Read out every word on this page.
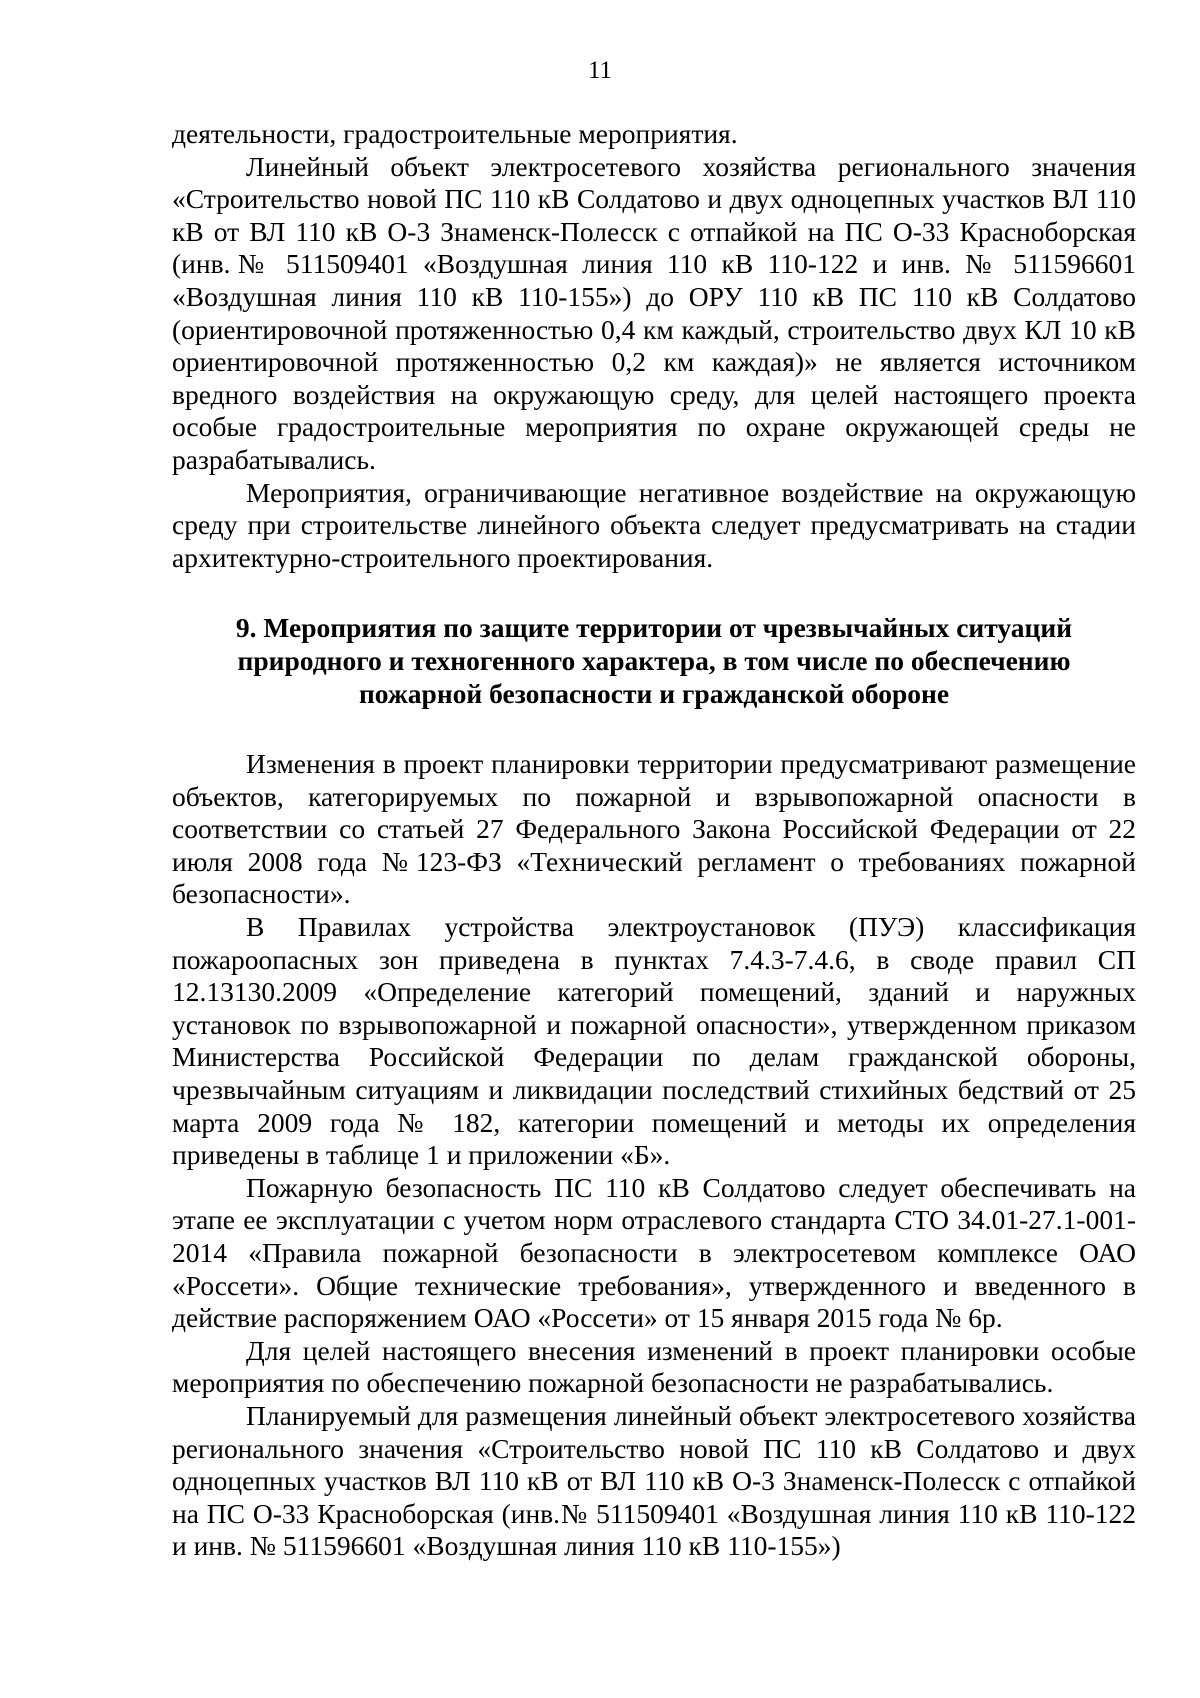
11

деятельности, градостроительные мероприятия.

Линейный объект электросетевого хозяйства регионального значения «Строительство новой ПС 110 кВ Солдатово и двух одноцепных участков ВЛ 110 кВ от ВЛ 110 кВ О-3 Знаменск-Полесск с отпайкой на ПС О-33 Красноборская (инв.№ 511509401 «Воздушная линия 110 кВ 110-122 и инв. № 511596601 «Воздушная линия 110 кВ 110-155») до ОРУ 110 кВ ПС 110 кВ Солдатово (ориентировочной протяженностью 0,4 км каждый, строительство двух КЛ 10 кВ ориентировочной протяженностью 0,2 км каждая)» не является источником вредного воздействия на окружающую среду, для целей настоящего проекта особые градостроительные мероприятия по охране окружающей среды не разрабатывались.

Мероприятия, ограничивающие негативное воздействие на окружающую среду при строительстве линейного объекта следует предусматривать на стадии архитектурно-строительного проектирования.

9. Мероприятия по защите территории от чрезвычайных ситуаций
природного и техногенного характера, в том числе по обеспечению
пожарной безопасности и гражданской обороне

Изменения в проект планировки территории предусматривают размещение объектов, категорируемых по пожарной и взрывопожарной опасности в соответствии со статьей 27 Федерального Закона Российской Федерации от 22 июля 2008 года №123-ФЗ «Технический регламент о требованиях пожарной безопасности».

В Правилах устройства электроустановок (ПУЭ) классификация пожароопасных зон приведена в пунктах 7.4.3-7.4.6, в своде правил СП 12.13130.2009 «Определение категорий помещений, зданий и наружных установок по взрывопожарной и пожарной опасности», утвержденном приказом Министерства Российской Федерации по делам гражданской обороны, чрезвычайным ситуациям и ликвидации последствий стихийных бедствий от 25 марта 2009 года № 182, категории помещений и методы их определения приведены в таблице 1 и приложении «Б».

Пожарную безопасность ПС 110 кВ Солдатово следует обеспечивать на этапе ее эксплуатации с учетом норм отраслевого стандарта СТО 34.01-27.1-001-2014 «Правила пожарной безопасности в электросетевом комплексе ОАО «Россети». Общие технические требования», утвержденного и введенного в действие распоряжением ОАО «Россети» от 15 января 2015 года № 6р.

Для целей настоящего внесения изменений в проект планировки особые мероприятия по обеспечению пожарной безопасности не разрабатывались.

Планируемый для размещения линейный объект электросетевого хозяйства регионального значения «Строительство новой ПС 110 кВ Солдатово и двух одноцепных участков ВЛ 110 кВ от ВЛ 110 кВ О-3 Знаменск-Полесск с отпайкой на ПС О-33 Красноборская (инв.№ 511509401 «Воздушная линия 110 кВ 110-122 и инв. № 511596601 «Воздушная линия 110 кВ 110-155»)
